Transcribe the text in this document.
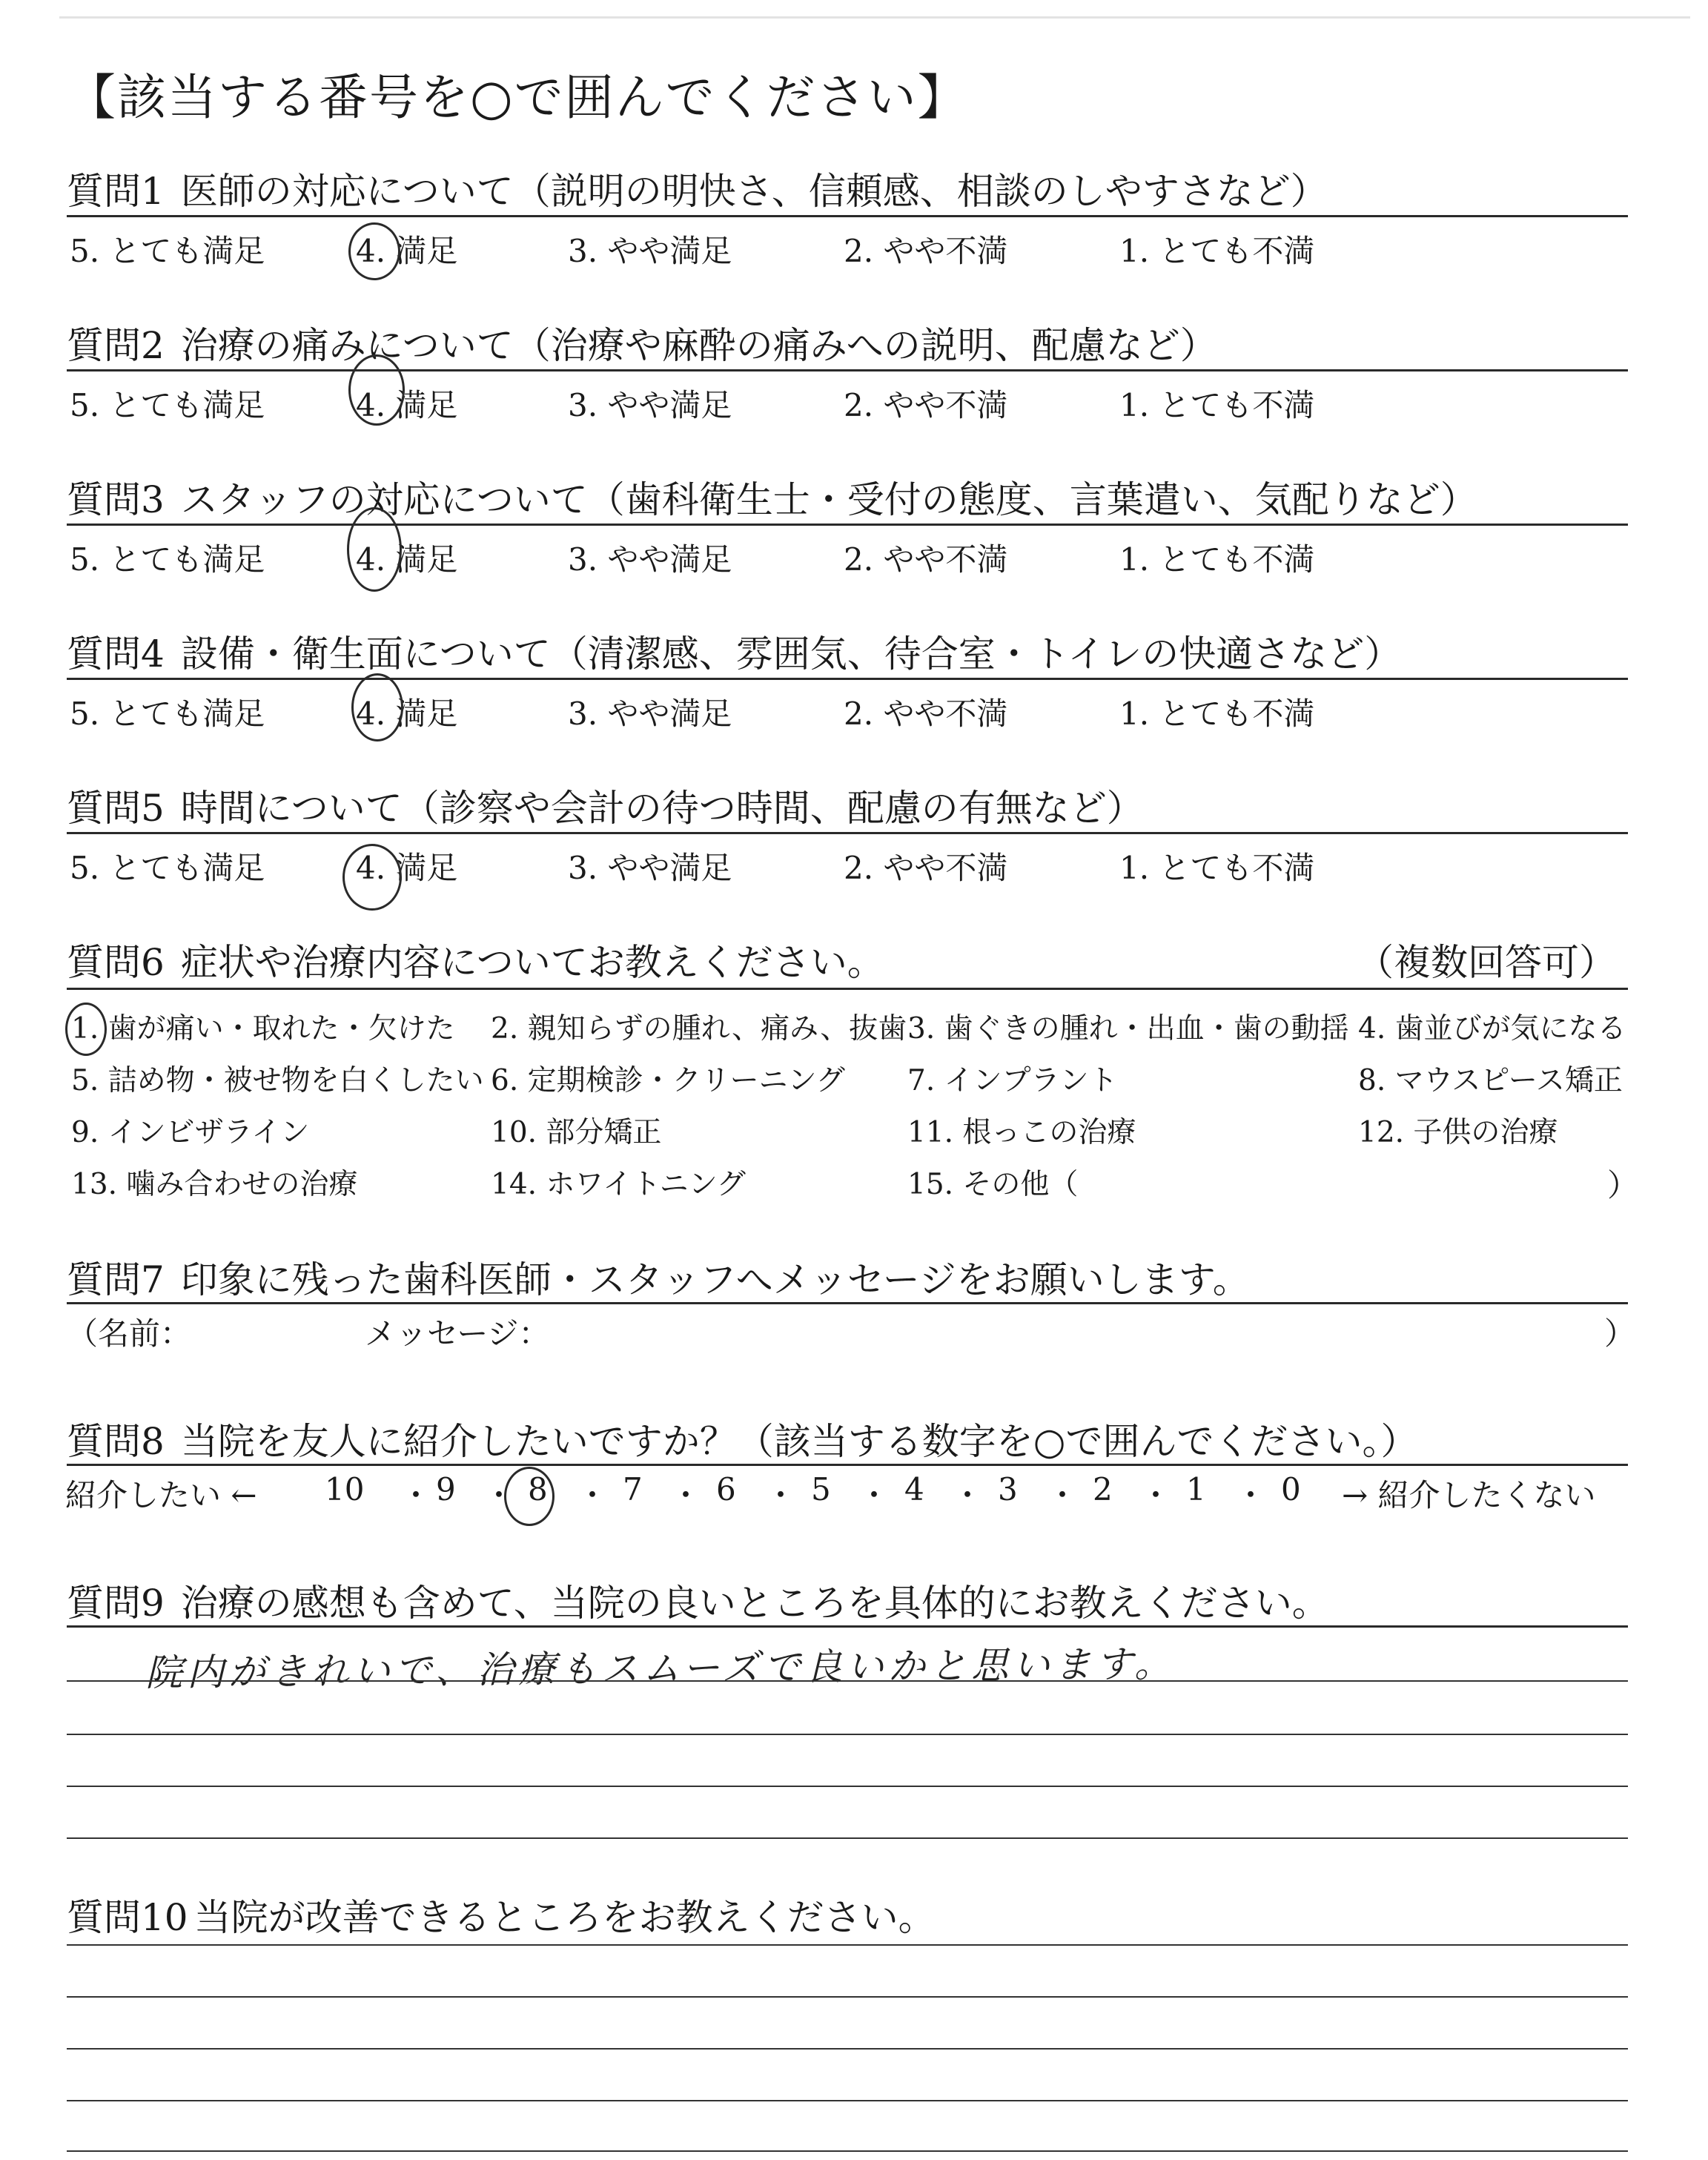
【該当する番号を○で囲んでください】
質問1 医師の対応について（説明の明快さ、信頼感、相談のしやすさなど）
5. とても満足	4. 満足	3. やや満足	2. やや不満	1. とても不満
質問2 治療の痛みについて（治療や麻酔の痛みへの説明、配慮など）
5. とても満足	4. 満足	3. やや満足	2. やや不満	1. とても不満
質問3 スタッフの対応について（歯科衛生士・受付の態度、言葉遣い、気配りなど）
5. とても満足	4. 満足	3. やや満足	2. やや不満	1. とても不満
質問4 設備・衛生面について（清潔感、雰囲気、待合室・トイレの快適さなど）
5. とても満足	4. 満足	3. やや満足	2. やや不満	1. とても不満
質問5 時間について（診察や会計の待つ時間、配慮の有無など）
5. とても満足	4. 満足	3. やや満足	2. やや不満	1. とても不満
質問6 症状や治療内容についてお教えください。	（複数回答可）
1. 歯が痛い・取れた・欠けた 2. 親知らずの腫れ、痛み、抜歯 3. 歯ぐきの腫れ・出血・歯の動揺 4. 歯並びが気になる
5. 詰め物・被せ物を白くしたい 6. 定期検診・クリーニング 7. インプラント	8. マウスピース矯正
9. インビザライン	10. 部分矯正	11. 根っこの治療	12. 子供の治療
13. 噛み合わせの治療	14. ホワイトニング	15. その他（	）
質問7 印象に残った歯科医師・スタッフへメッセージをお願いします。
（名前：	メッセージ：	）
質問8 当院を友人に紹介したいですか？（該当する数字を○で囲んでください。）
紹介したい ← 10 ・ 9 ・ 8 ・ 7 ・ 6 ・ 5 ・ 4 ・ 3 ・ 2 ・ 1 ・ 0 → 紹介したくない
質問9 治療の感想も含めて、当院の良いところを具体的にお教えください。
院内がきれいで、治療もスムーズで良いかと思います。
質問10 当院が改善できるところをお教えください。
